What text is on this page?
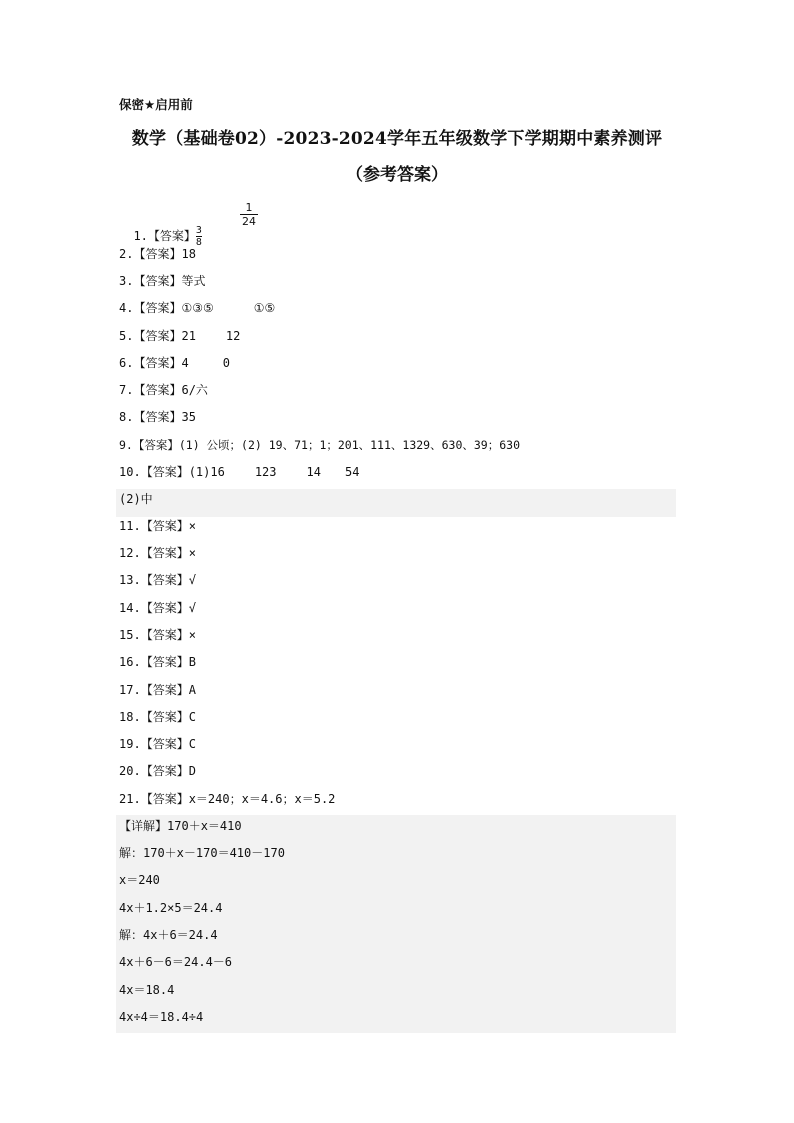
保密★启用前
数学（基础卷02）-2023-2024学年五年级数学下学期期中素养测评
（参考答案）

1.【答案】 $\frac{3}{8}$

1
24
2.【答案】18
3.【答案】等式
4.【答案】①③⑤	①⑤
5.【答案】21	12
6.【答案】4	0
7.【答案】6/六
8.【答案】35
9.【答案】(1) 公顷；(2) 19、71；1；201、111、1329、630、39；630
10.【答案】(1)16	123	14 54
(2)中
11.【答案】×
12.【答案】×
13.【答案】√
14.【答案】√
15.【答案】×
16.【答案】B
17.【答案】A
18.【答案】C
19.【答案】C
20.【答案】D
21.【答案】x＝240；x＝4.6；x＝5.2
【详解】170＋x＝410
解：170＋x－170＝410－170
x＝240
4x＋1.2×5＝24.4
解：4x＋6＝24.4
4x＋6－6＝24.4－6
4x＝18.4
4x÷4＝18.4÷4
